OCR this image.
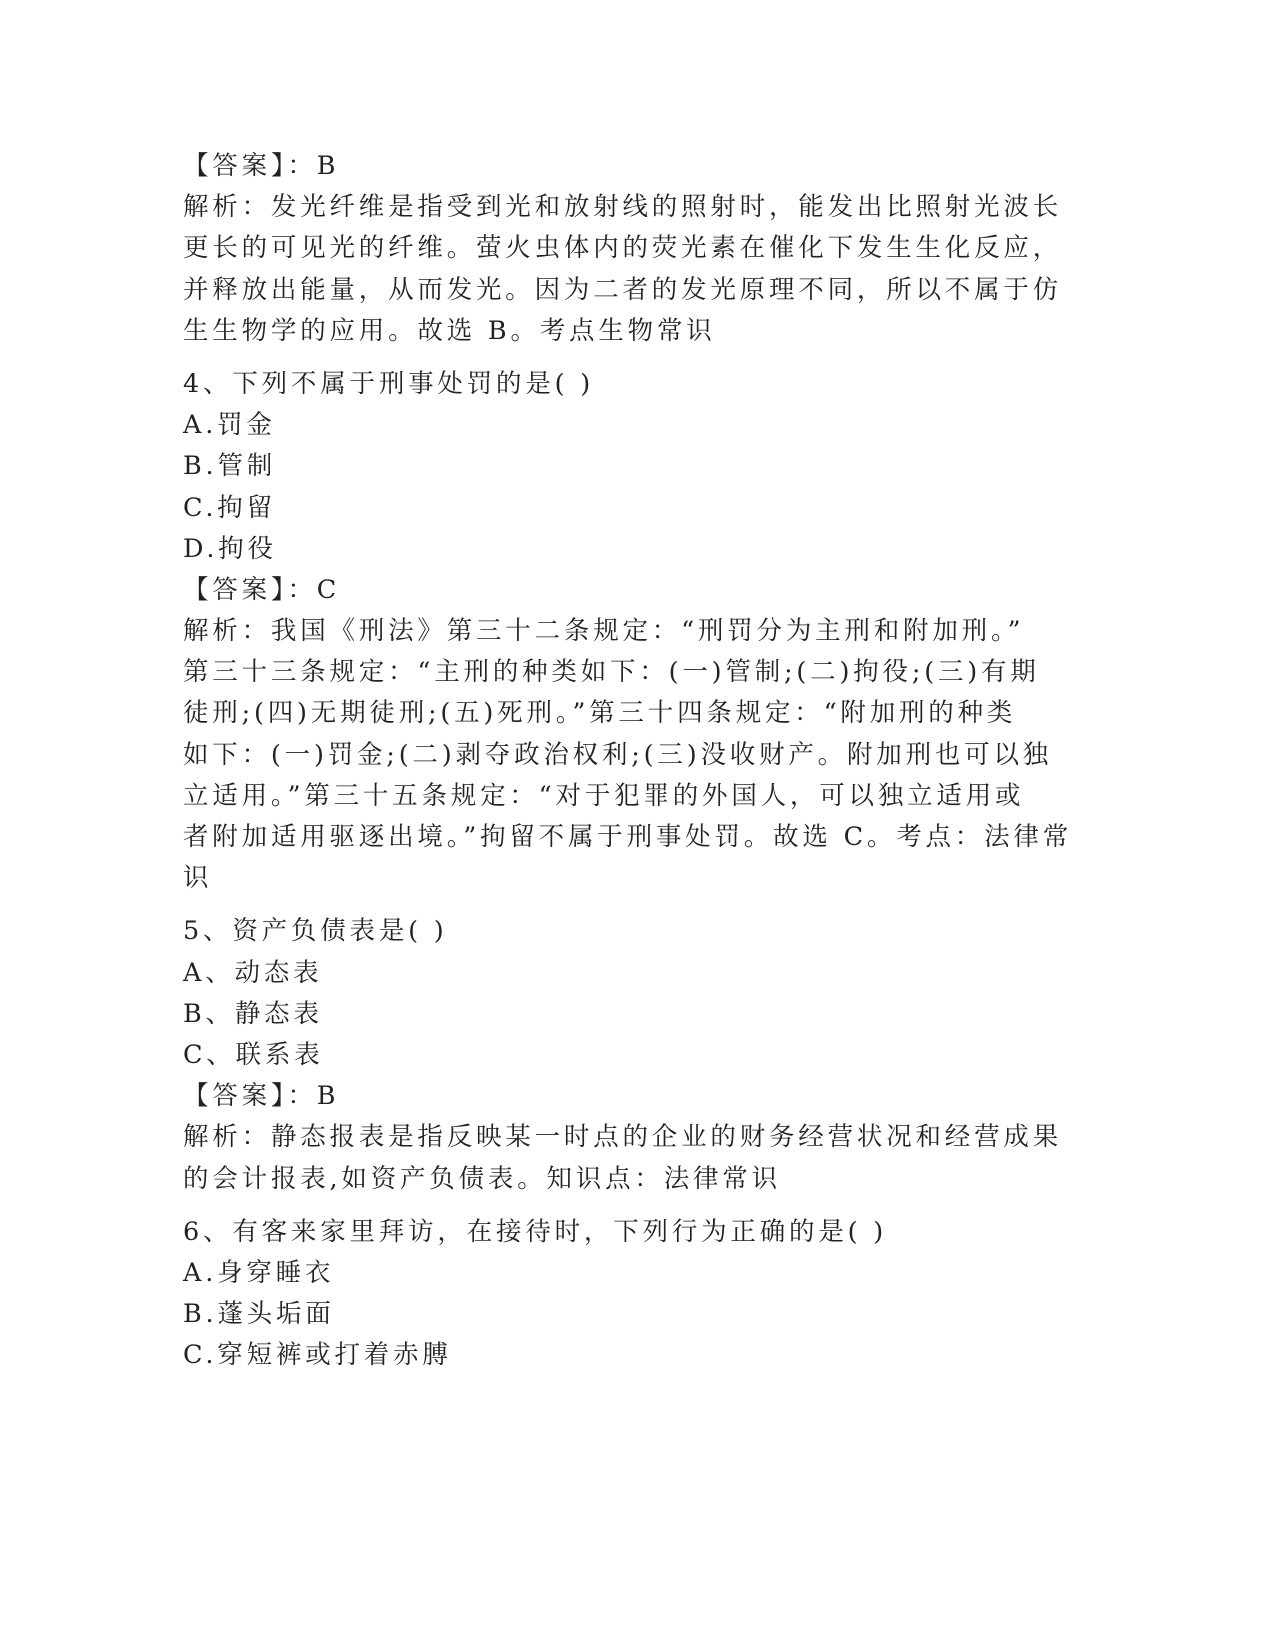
【答案】：B
解析：发光纤维是指受到光和放射线的照射时，能发出比照射光波长
更长的可见光的纤维。萤火虫体内的荧光素在催化下发生生化反应，
并释放出能量，从而发光。因为二者的发光原理不同，所以不属于仿
生生物学的应用。故选 B。考点生物常识
4、下列不属于刑事处罚的是( )
A.罚金
B.管制
C.拘留
D.拘役
【答案】：C
解析：我国《刑法》第三十二条规定：“刑罚分为主刑和附加刑。”
第三十三条规定：“主刑的种类如下：(一)管制;(二)拘役;(三)有期
徒刑;(四)无期徒刑;(五)死刑。”第三十四条规定：“附加刑的种类
如下：(一)罚金;(二)剥夺政治权利;(三)没收财产。附加刑也可以独
立适用。”第三十五条规定：“对于犯罪的外国人，可以独立适用或
者附加适用驱逐出境。”拘留不属于刑事处罚。故选 C。考点：法律常
识
5、资产负债表是( )
A、动态表
B、静态表
C、联系表
【答案】：B
解析：静态报表是指反映某一时点的企业的财务经营状况和经营成果
的会计报表,如资产负债表。知识点：法律常识
6、有客来家里拜访，在接待时，下列行为正确的是( )
A.身穿睡衣
B.蓬头垢面
C.穿短裤或打着赤膊
